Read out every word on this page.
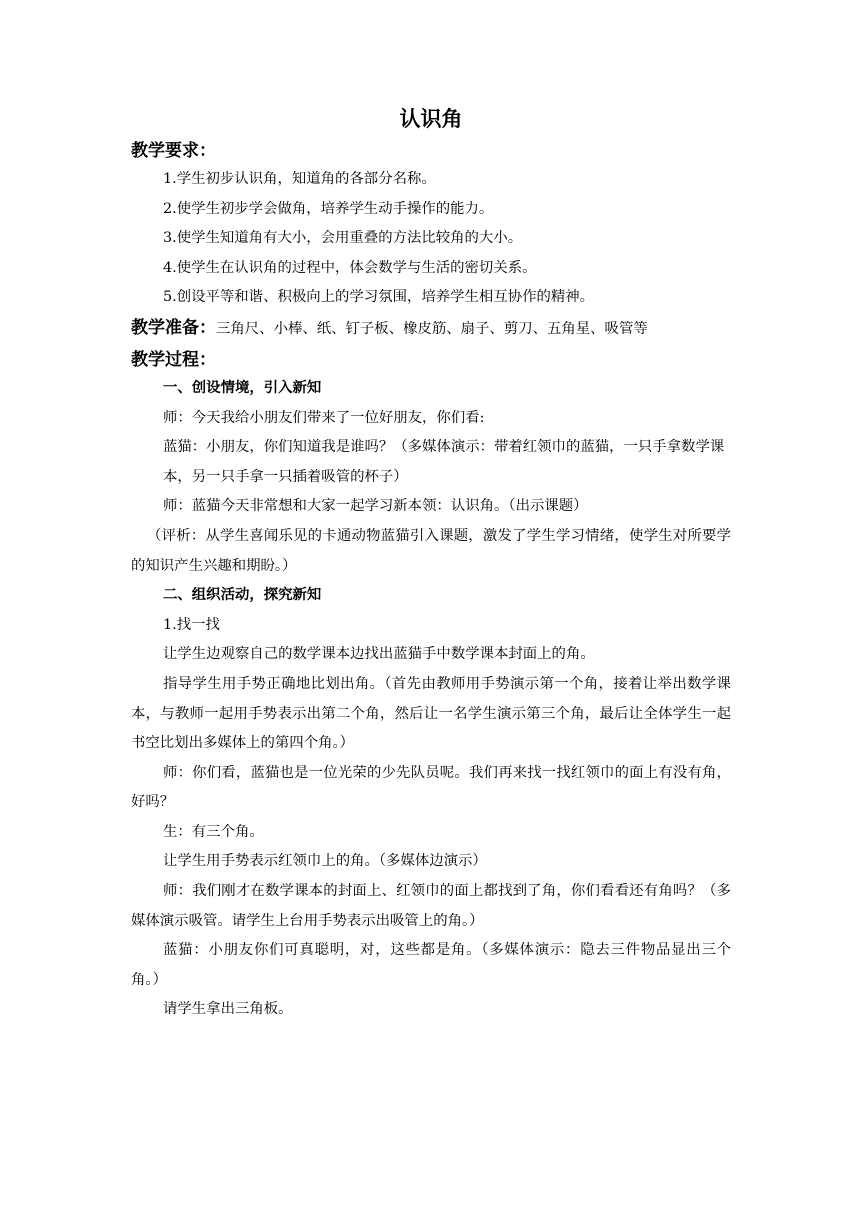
认识角
教学要求：
1.学生初步认识角，知道角的各部分名称。
2.使学生初步学会做角，培养学生动手操作的能力。
3.使学生知道角有大小，会用重叠的方法比较角的大小。
4.使学生在认识角的过程中，体会数学与生活的密切关系。
5.创设平等和谐、积极向上的学习氛围，培养学生相互协作的精神。
教学准备：三角尺、小棒、纸、钉子板、橡皮筋、扇子、剪刀、五角星、吸管等
教学过程：
一、创设情境，引入新知
师：今天我给小朋友们带来了一位好朋友，你们看:
蓝猫：小朋友，你们知道我是谁吗？（多媒体演示：带着红领巾的蓝猫，一只手拿数学课
本，另一只手拿一只插着吸管的杯子）
师：蓝猫今天非常想和大家一起学习新本领：认识角。（出示课题）
（评析：从学生喜闻乐见的卡通动物蓝猫引入课题，激发了学生学习情绪，使学生对所要学的知识产生兴趣和期盼。）
二、组织活动，探究新知
1.找一找
让学生边观察自己的数学课本边找出蓝猫手中数学课本封面上的角。
指导学生用手势正确地比划出角。（首先由教师用手势演示第一个角，接着让举出数学课本，与教师一起用手势表示出第二个角，然后让一名学生演示第三个角，最后让全体学生一起书空比划出多媒体上的第四个角。）
师：你们看，蓝猫也是一位光荣的少先队员呢。我们再来找一找红领巾的面上有没有角，好吗？
生：有三个角。
让学生用手势表示红领巾上的角。（多媒体边演示）
师：我们刚才在数学课本的封面上、红领巾的面上都找到了角，你们看看还有角吗？（多媒体演示吸管。请学生上台用手势表示出吸管上的角。）
蓝猫：小朋友你们可真聪明，对，这些都是角。（多媒体演示：隐去三件物品显出三个角。）
请学生拿出三角板。
